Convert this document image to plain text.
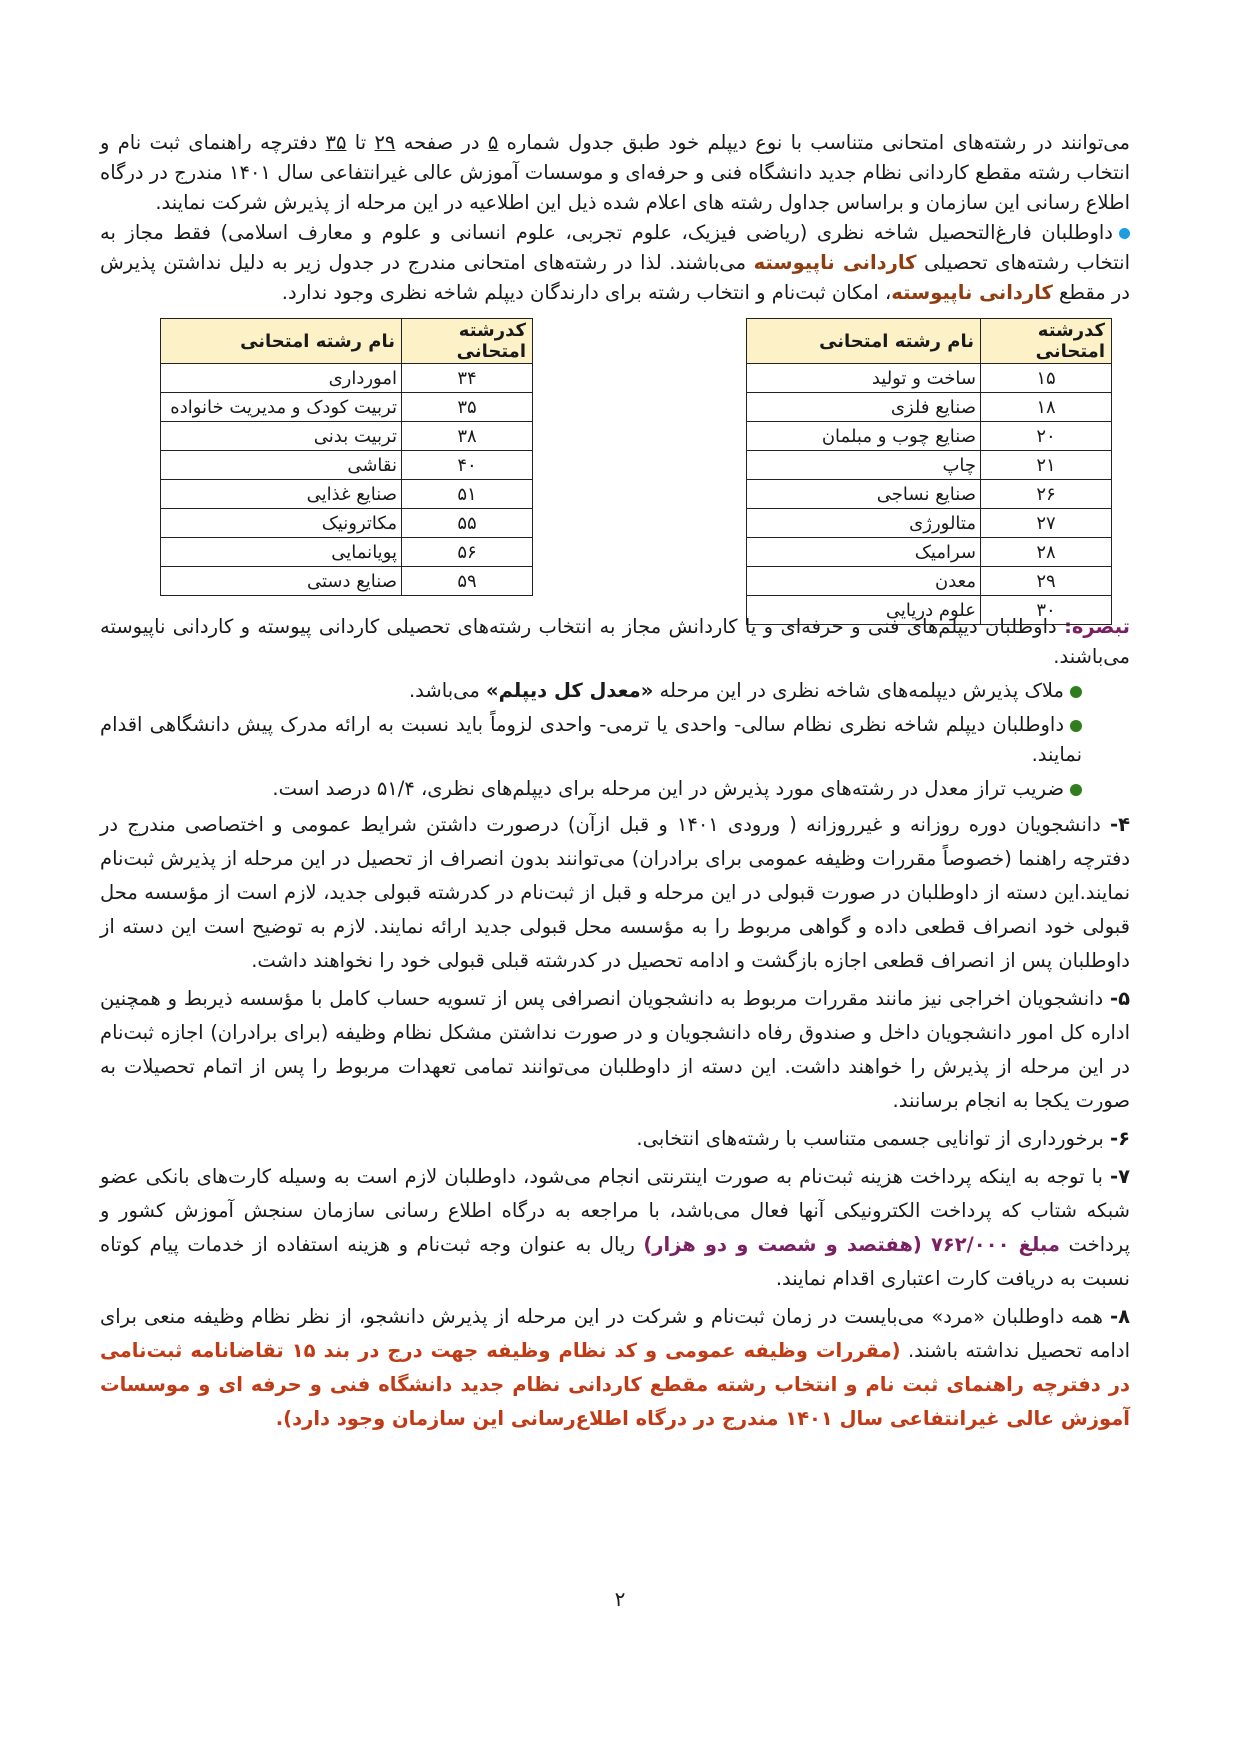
می‌توانند در رشته‌های امتحانی متناسب با نوع دیپلم خود طبق جدول شماره ۵ در صفحه ۲۹ تا ۳۵ دفترچه راهنمای ثبت نام و انتخاب رشته مقطع کاردانی نظام جدید دانشگاه فنی و حرفه‌ای و موسسات آموزش عالی غیرانتفاعی سال ۱۴۰۱ مندرج در درگاه اطلاع رسانی این سازمان و براساس جداول رشته های اعلام شده ذیل این اطلاعیه در این مرحله از پذیرش شرکت نمایند.

داوطلبان فارغ‌التحصیل شاخه نظری (ریاضی فیزیک، علوم تجربی، علوم انسانی و علوم و معارف اسلامی) فقط مجاز به انتخاب رشته‌های تحصیلی کاردانی ناپیوسته می‌باشند. لذا در رشته‌های امتحانی مندرج در جدول زیر به دلیل نداشتن پذیرش در مقطع کاردانی ناپیوسته، امکان ثبت‌نام و انتخاب رشته برای دارندگان دیپلم شاخه نظری وجود ندارد.

کدرشته امتحانی	نام رشته امتحانی
۱۵	ساخت و تولید
۱۸	صنایع فلزی
۲۰	صنایع چوب و مبلمان
۲۱	چاپ
۲۶	صنایع نساجی
۲۷	متالورژی
۲۸	سرامیک
۲۹	معدن
۳۰	علوم دریایی
کدرشته امتحانی	نام رشته امتحانی
۳۴	امورداری
۳۵	تربیت کودک و مدیریت خانواده
۳۸	تربیت بدنی
۴۰	نقاشی
۵۱	صنایع غذایی
۵۵	مکاترونیک
۵۶	پویانمایی
۵۹	صنایع دستی

تبصره: داوطلبان دیپلم‌های فنی و حرفه‌ای و یا کاردانش مجاز به انتخاب رشته‌های تحصیلی کاردانی پیوسته و کاردانی ناپیوسته می‌باشند.

ملاک پذیرش دیپلمه‌های شاخه نظری در این مرحله «معدل کل دیپلم» می‌باشد.

داوطلبان دیپلم شاخه نظری نظام سالی- واحدی یا ترمی- واحدی لزوماً باید نسبت به ارائه مدرک پیش دانشگاهی اقدام نمایند.

ضریب تراز معدل در رشته‌های مورد پذیرش در این مرحله برای دیپلم‌های نظری، ۵۱/۴ درصد است.

۴- دانشجویان دوره روزانه و غیرروزانه ( ورودی ۱۴۰۱ و قبل از‌آن) درصورت داشتن شرایط عمومی و اختصاصی مندرج در دفترچه راهنما (خصوصاً مقررات وظیفه عمومی برای برادران) می‌توانند بدون انصراف از تحصیل در این مرحله از پذیرش ثبت‌نام نمایند.این دسته از داوطلبان در صورت قبولی در این مرحله و قبل از ثبت‌نام در کدرشته قبولی جدید، لازم است از مؤسسه محل قبولی خود انصراف قطعی داده و گواهی مربوط را به مؤسسه محل قبولی جدید ارائه نمایند. لازم به توضیح است این دسته از داوطلبان پس از انصراف قطعی اجازه بازگشت و ادامه تحصیل در کدرشته قبلی قبولی خود را نخواهند داشت.

۵- دانشجویان اخراجی نیز مانند مقررات مربوط به دانشجویان انصرافی پس از تسویه حساب کامل با مؤسسه ذیربط و همچنین اداره کل امور دانشجویان داخل و صندوق رفاه دانشجویان و در صورت نداشتن مشکل نظام وظیفه (برای برادران) اجازه ثبت‌نام در این مرحله از پذیرش را خواهند داشت. این دسته از داوطلبان می‌توانند تمامی تعهدات مربوط را پس از اتمام تحصیلات به صورت یکجا به انجام برسانند.

۶- برخورداری از توانایی جسمی متناسب با رشته‌های انتخابی.

۷- با توجه به اینکه پرداخت هزینه ثبت‌نام به صورت اینترنتی انجام می‌شود، داوطلبان لازم است به وسیله کارت‌های بانکی عضو شبکه شتاب که پرداخت الکترونیکی آنها فعال می‌باشد، با مراجعه به درگاه اطلاع رسانی سازمان سنجش آموزش کشور و پرداخت مبلغ ۷۶۲/۰۰۰ (هفتصد و شصت و دو هزار) ریال به عنوان وجه ثبت‌نام و هزینه استفاده از خدمات پیام کوتاه نسبت به دریافت کارت اعتباری اقدام نمایند.

۸- همه داوطلبان «مرد» می‌بایست در زمان ثبت‌نام و شرکت در این مرحله از پذیرش دانشجو، از نظر نظام وظیفه منعی برای ادامه تحصیل نداشته باشند. (مقررات وظیفه عمومی و کد نظام وظیفه جهت درج در بند ۱۵ تقاضانامه ثبت‌نامی در دفترچه راهنمای ثبت نام و انتخاب رشته مقطع کاردانی نظام جدید دانشگاه فنی و حرفه ای و موسسات آموزش عالی غیرانتفاعی سال ۱۴۰۱ مندرج در درگاه اطلاع‌رسانی این سازمان وجود دارد).

۲
